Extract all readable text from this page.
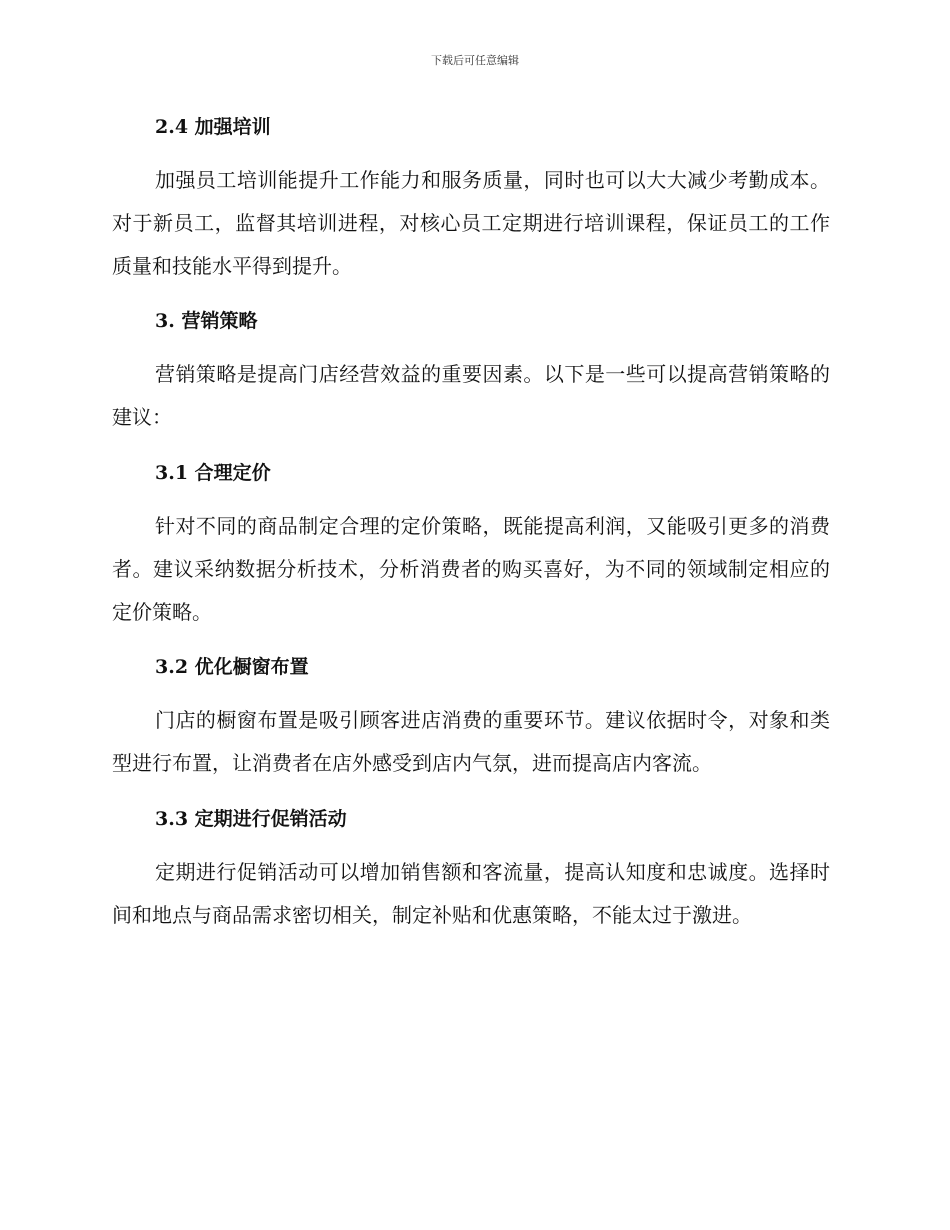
下载后可任意编辑
2.4 加强培训

加强员工培训能提升工作能力和服务质量，同时也可以大大减少考勤成本。对于新员工，监督其培训进程，对核心员工定期进行培训课程，保证员工的工作质量和技能水平得到提升。

3. 营销策略

营销策略是提高门店经营效益的重要因素。以下是一些可以提高营销策略的建议：

3.1 合理定价

针对不同的商品制定合理的定价策略，既能提高利润，又能吸引更多的消费者。建议采纳数据分析技术，分析消费者的购买喜好，为不同的领域制定相应的定价策略。

3.2 优化橱窗布置

门店的橱窗布置是吸引顾客进店消费的重要环节。建议依据时令，对象和类型进行布置，让消费者在店外感受到店内气氛，进而提高店内客流。

3.3 定期进行促销活动

定期进行促销活动可以增加销售额和客流量，提高认知度和忠诚度。选择时间和地点与商品需求密切相关，制定补贴和优惠策略，不能太过于激进。
